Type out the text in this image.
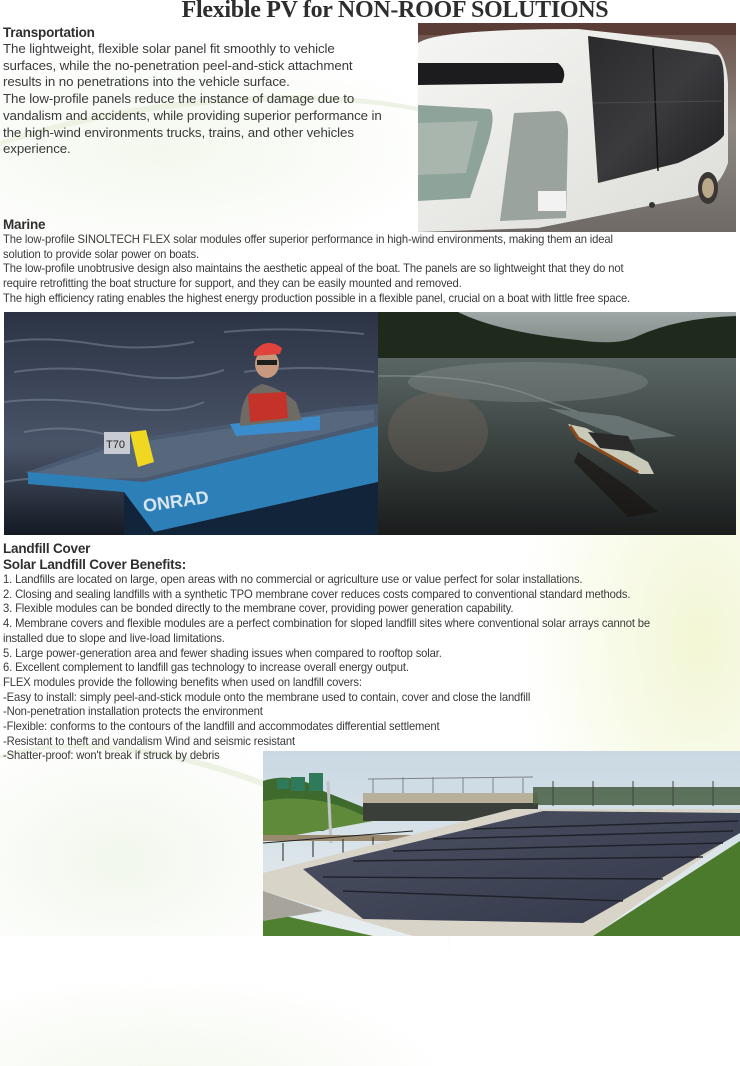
Flexible PV for NON-ROOF SOLUTIONS
Transportation
The lightweight, flexible solar panel fit smoothly to vehicle
surfaces, while the no-penetration peel-and-stick attachment
results in no penetrations into the vehicle surface.
The low-profile panels reduce the instance of damage due to
vandalism and accidents, while providing superior performance in
the high-wind environments trucks, trains, and other vehicles
experience.
Marine
The low-profile SINOLTECH FLEX solar modules offer superior performance in high-wind environments, making them an ideal
solution to provide solar power on boats.
The low-profile unobtrusive design also maintains the aesthetic appeal of the boat. The panels are so lightweight that they do not
require retrofitting the boat structure for support, and they can be easily mounted and removed.
The high efficiency rating enables the highest energy production possible in a flexible panel, crucial on a boat with little free space.
ONRAD
T70
Landfill Cover
Solar Landfill Cover Benefits:
1. Landfills are located on large, open areas with no commercial or agriculture use or value perfect for solar installations.
2. Closing and sealing landfills with a synthetic TPO membrane cover reduces costs compared to conventional standard methods.
3. Flexible modules can be bonded directly to the membrane cover, providing power generation capability.
4. Membrane covers and flexible modules are a perfect combination for sloped landfill sites where conventional solar arrays cannot be
installed due to slope and live-load limitations.
5. Large power-generation area and fewer shading issues when compared to rooftop solar.
6. Excellent complement to landfill gas technology to increase overall energy output.
FLEX modules provide the following benefits when used on landfill covers:
-Easy to install: simply peel-and-stick module onto the membrane used to contain, cover and close the landfill
-Non-penetration installation protects the environment
-Flexible: conforms to the contours of the landfill and accommodates differential settlement
-Resistant to theft and vandalism Wind and seismic resistant
-Shatter-proof: won't break if struck by debris
